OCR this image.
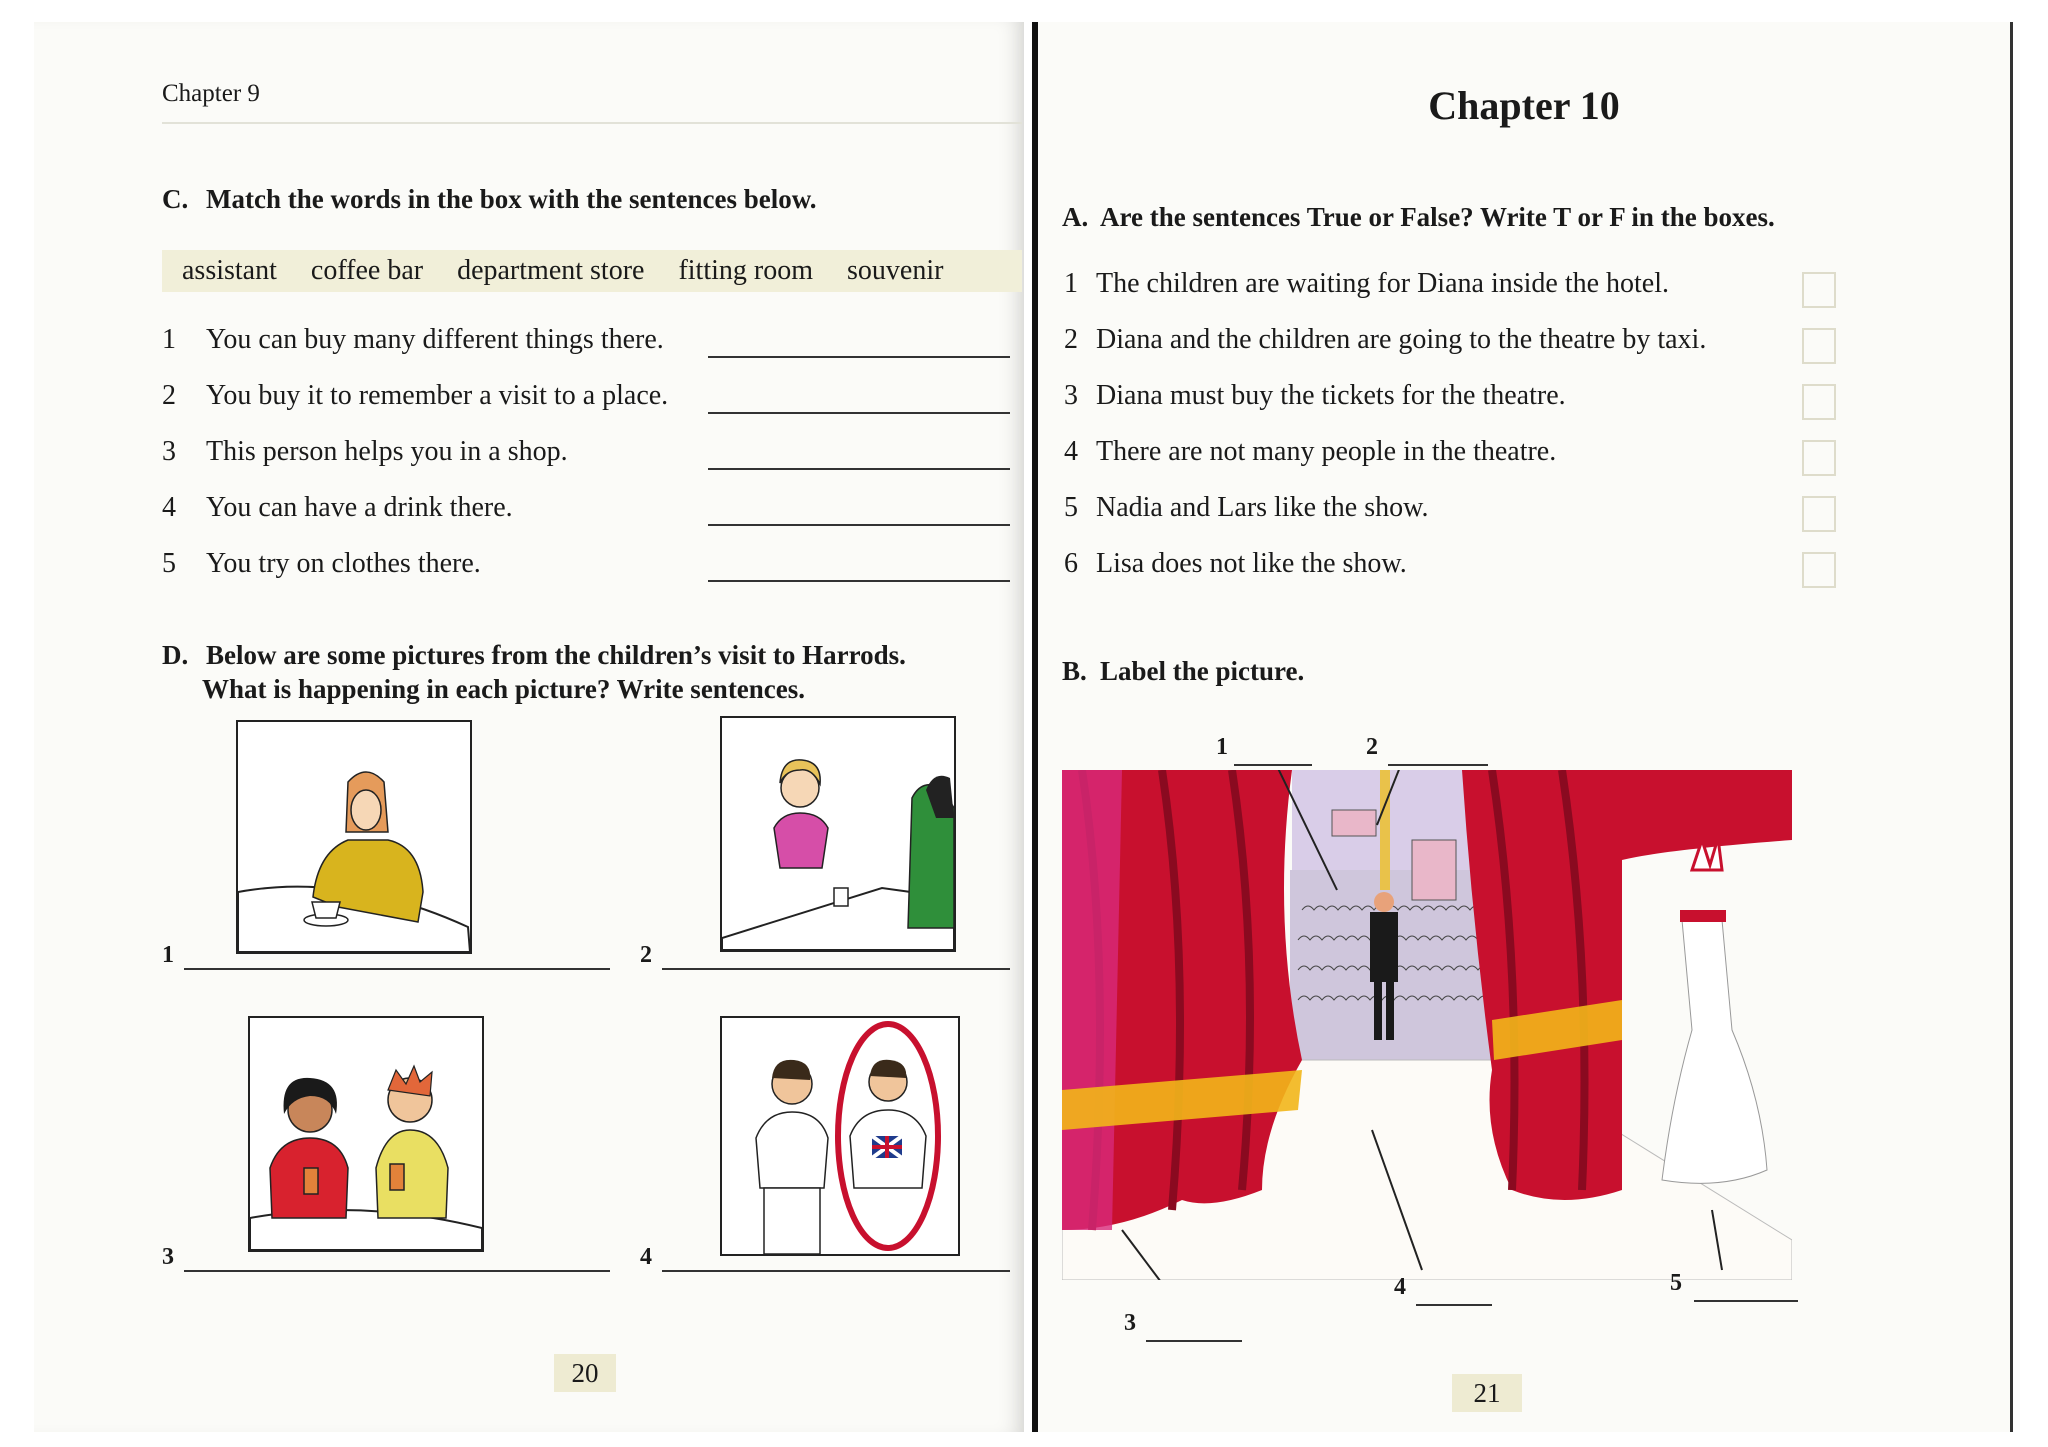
Chapter 9
C. Match the words in the box with the sentences below.
assistant	coffee bar	department store	fitting room	souvenir
1 You can buy many different things there.
2 You buy it to remember a visit to a place.
3 This person helps you in a shop.
4 You can have a drink there.
5 You try on clothes there.
D. Below are some pictures from the children’s visit to Harrods.
What is happening in each picture? Write sentences.
1	2
3	4
20
Chapter 10
A. Are the sentences True or False? Write T or F in the boxes.
1 The children are waiting for Diana inside the hotel.
2 Diana and the children are going to the theatre by taxi.
3 Diana must buy the tickets for the theatre.
4 There are not many people in the theatre.
5 Nadia and Lars like the show.
6 Lisa does not like the show.
B. Label the picture.
1	2
3
4	5
21
